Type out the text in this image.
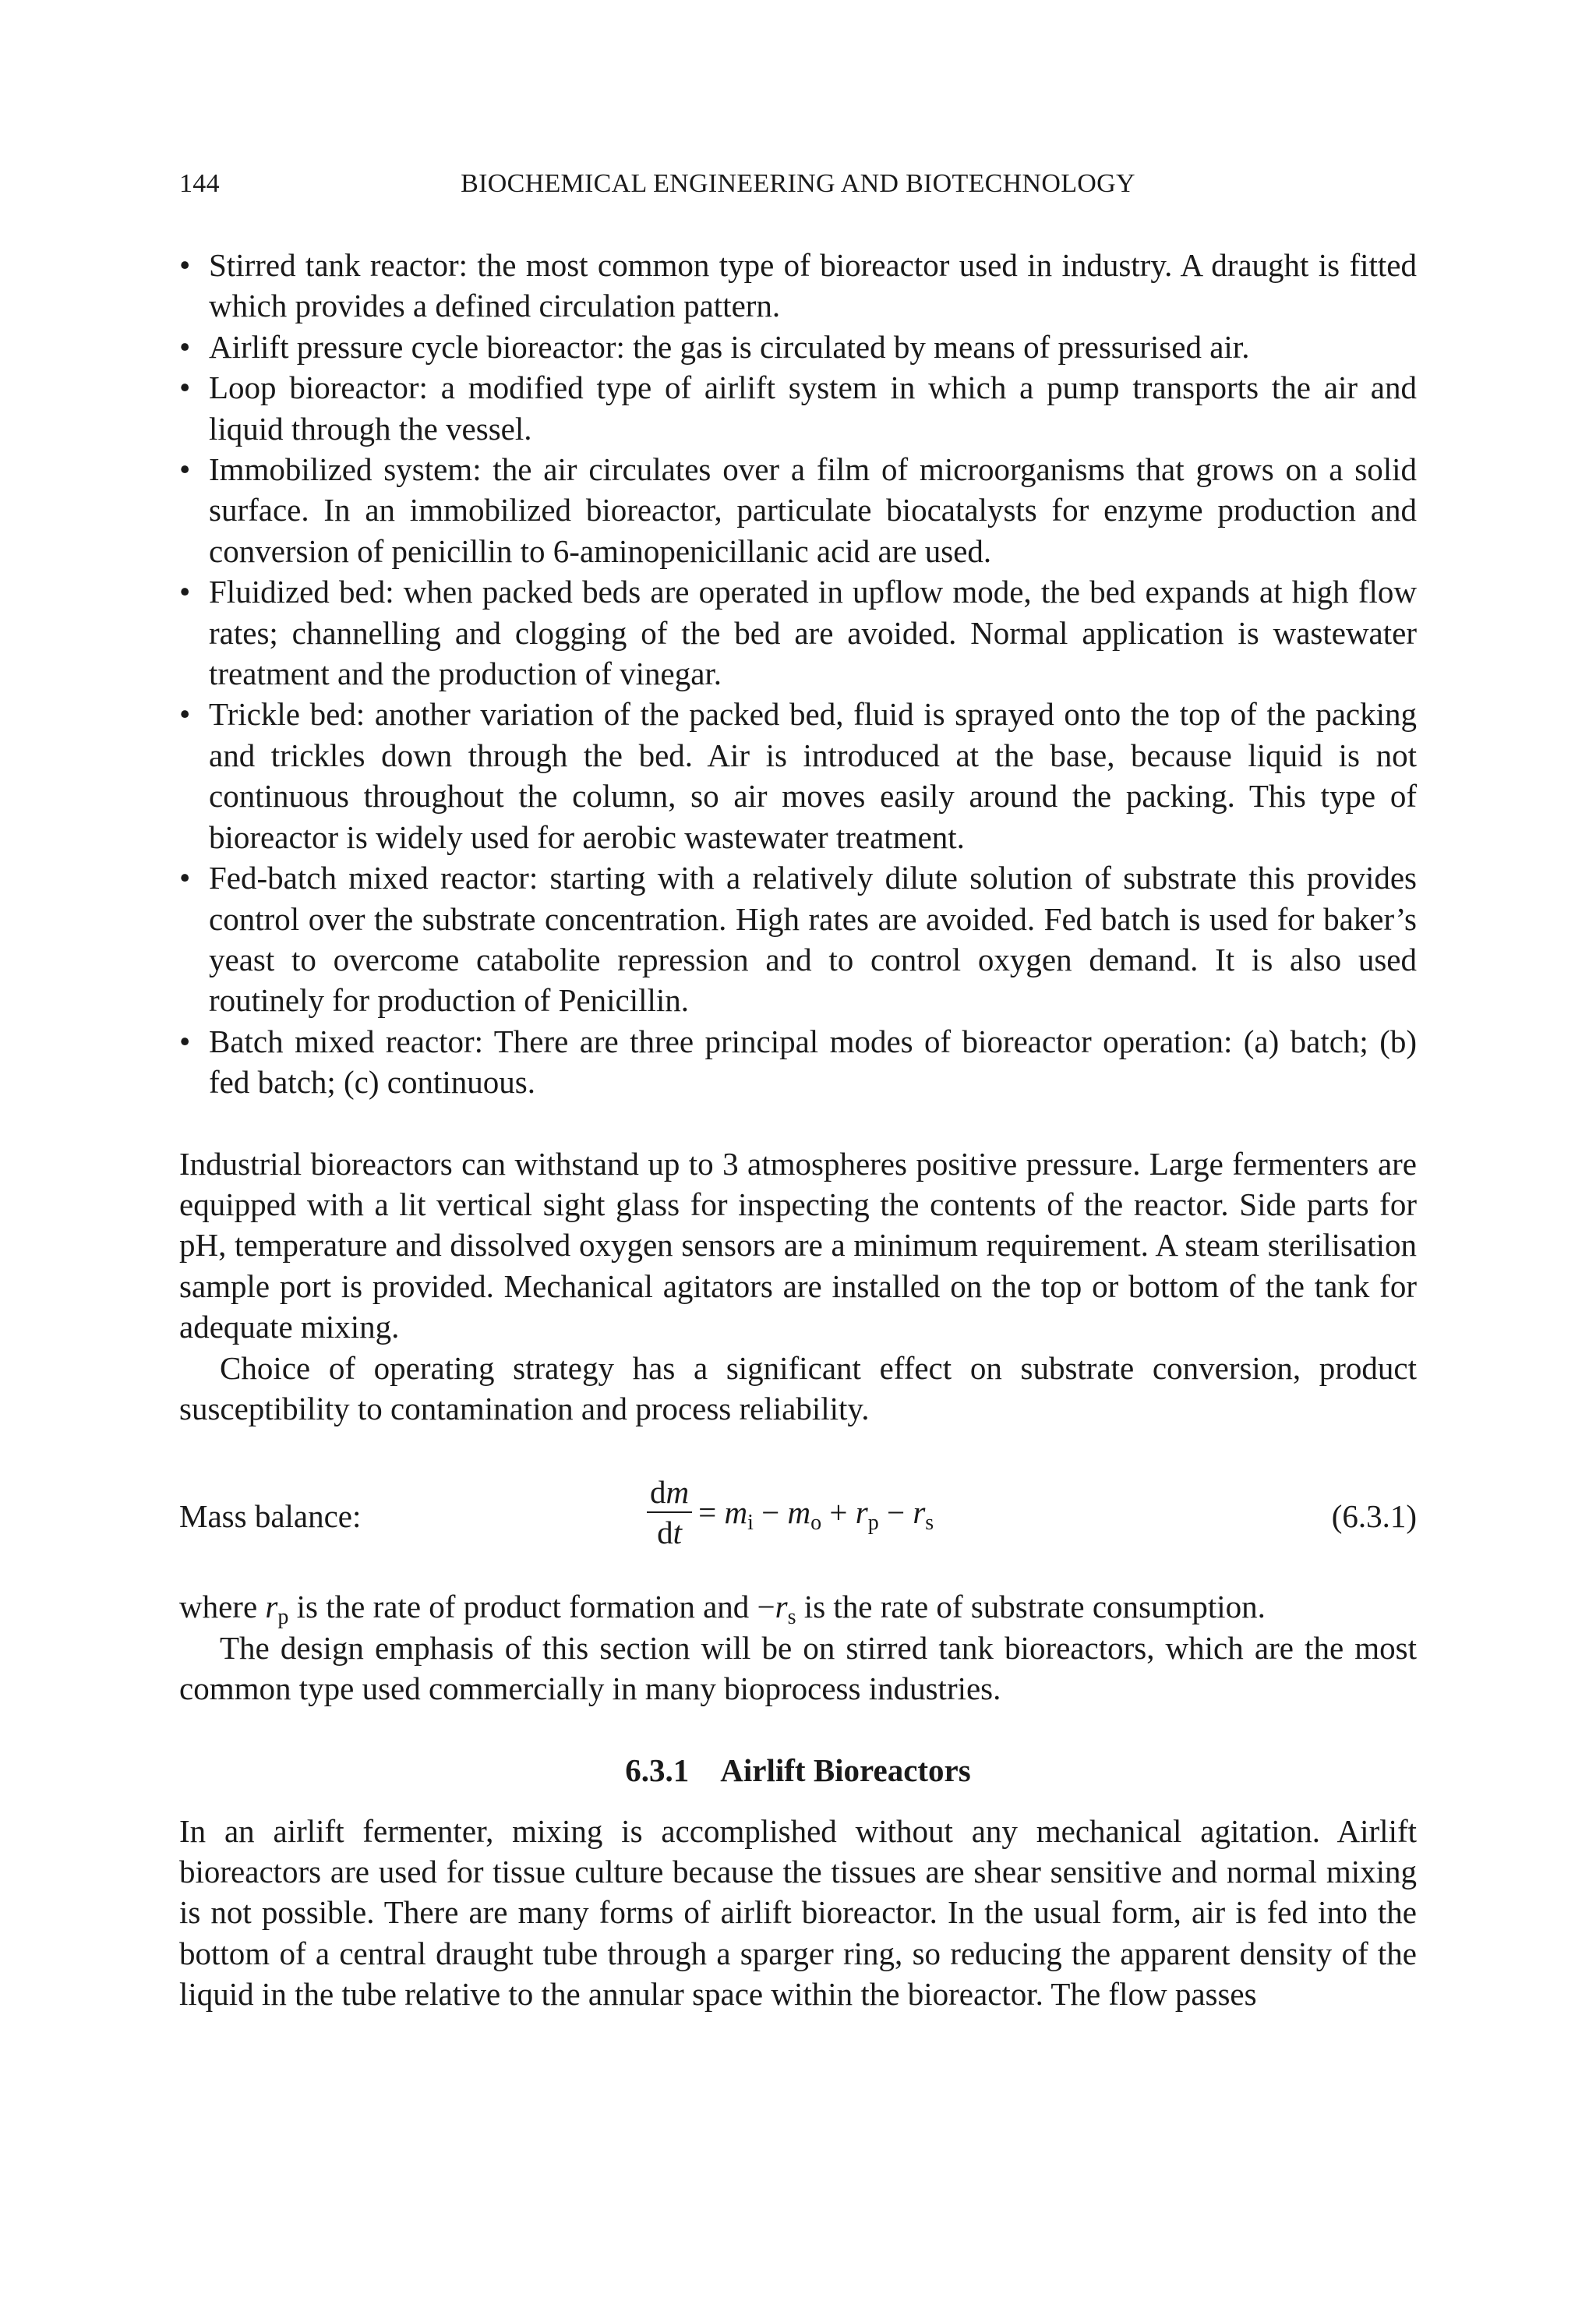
144	BIOCHEMICAL ENGINEERING AND BIOTECHNOLOGY
• Stirred tank reactor: the most common type of bioreactor used in industry. A draught is fitted which provides a defined circulation pattern.
• Airlift pressure cycle bioreactor: the gas is circulated by means of pressurised air.
• Loop bioreactor: a modified type of airlift system in which a pump transports the air and liquid through the vessel.
• Immobilized system: the air circulates over a film of microorganisms that grows on a solid surface. In an immobilized bioreactor, particulate biocatalysts for enzyme production and conversion of penicillin to 6-aminopenicillanic acid are used.
• Fluidized bed: when packed beds are operated in upflow mode, the bed expands at high flow rates; channelling and clogging of the bed are avoided. Normal application is wastewater treatment and the production of vinegar.
• Trickle bed: another variation of the packed bed, fluid is sprayed onto the top of the packing and trickles down through the bed. Air is introduced at the base, because liquid is not continuous throughout the column, so air moves easily around the packing. This type of bioreactor is widely used for aerobic wastewater treatment.
• Fed-batch mixed reactor: starting with a relatively dilute solution of substrate this provides control over the substrate concentration. High rates are avoided. Fed batch is used for baker’s yeast to overcome catabolite repression and to control oxygen demand. It is also used routinely for production of Penicillin.
• Batch mixed reactor: There are three principal modes of bioreactor operation: (a) batch; (b) fed batch; (c) continuous.

Industrial bioreactors can withstand up to 3 atmospheres positive pressure. Large fermenters are equipped with a lit vertical sight glass for inspecting the contents of the reactor. Side parts for pH, temperature and dissolved oxygen sensors are a minimum requirement. A steam sterilisation sample port is provided. Mechanical agitators are installed on the top or bottom of the tank for adequate mixing.

Choice of operating strategy has a significant effect on substrate conversion, product susceptibility to contamination and process reliability.

Mass balance:	$\frac{dm}{dt} = m_i - m_o + r_p - r_s$	(6.3.1)

where $r_p$ is the rate of product formation and $-r_s$ is the rate of substrate consumption.

The design emphasis of this section will be on stirred tank bioreactors, which are the most common type used commercially in many bioprocess industries.

6.3.1 Airlift Bioreactors

In an airlift fermenter, mixing is accomplished without any mechanical agitation. Airlift bioreactors are used for tissue culture because the tissues are shear sensitive and normal mixing is not possible. There are many forms of airlift bioreactor. In the usual form, air is fed into the bottom of a central draught tube through a sparger ring, so reducing the apparent density of the liquid in the tube relative to the annular space within the bioreactor. The flow passes
